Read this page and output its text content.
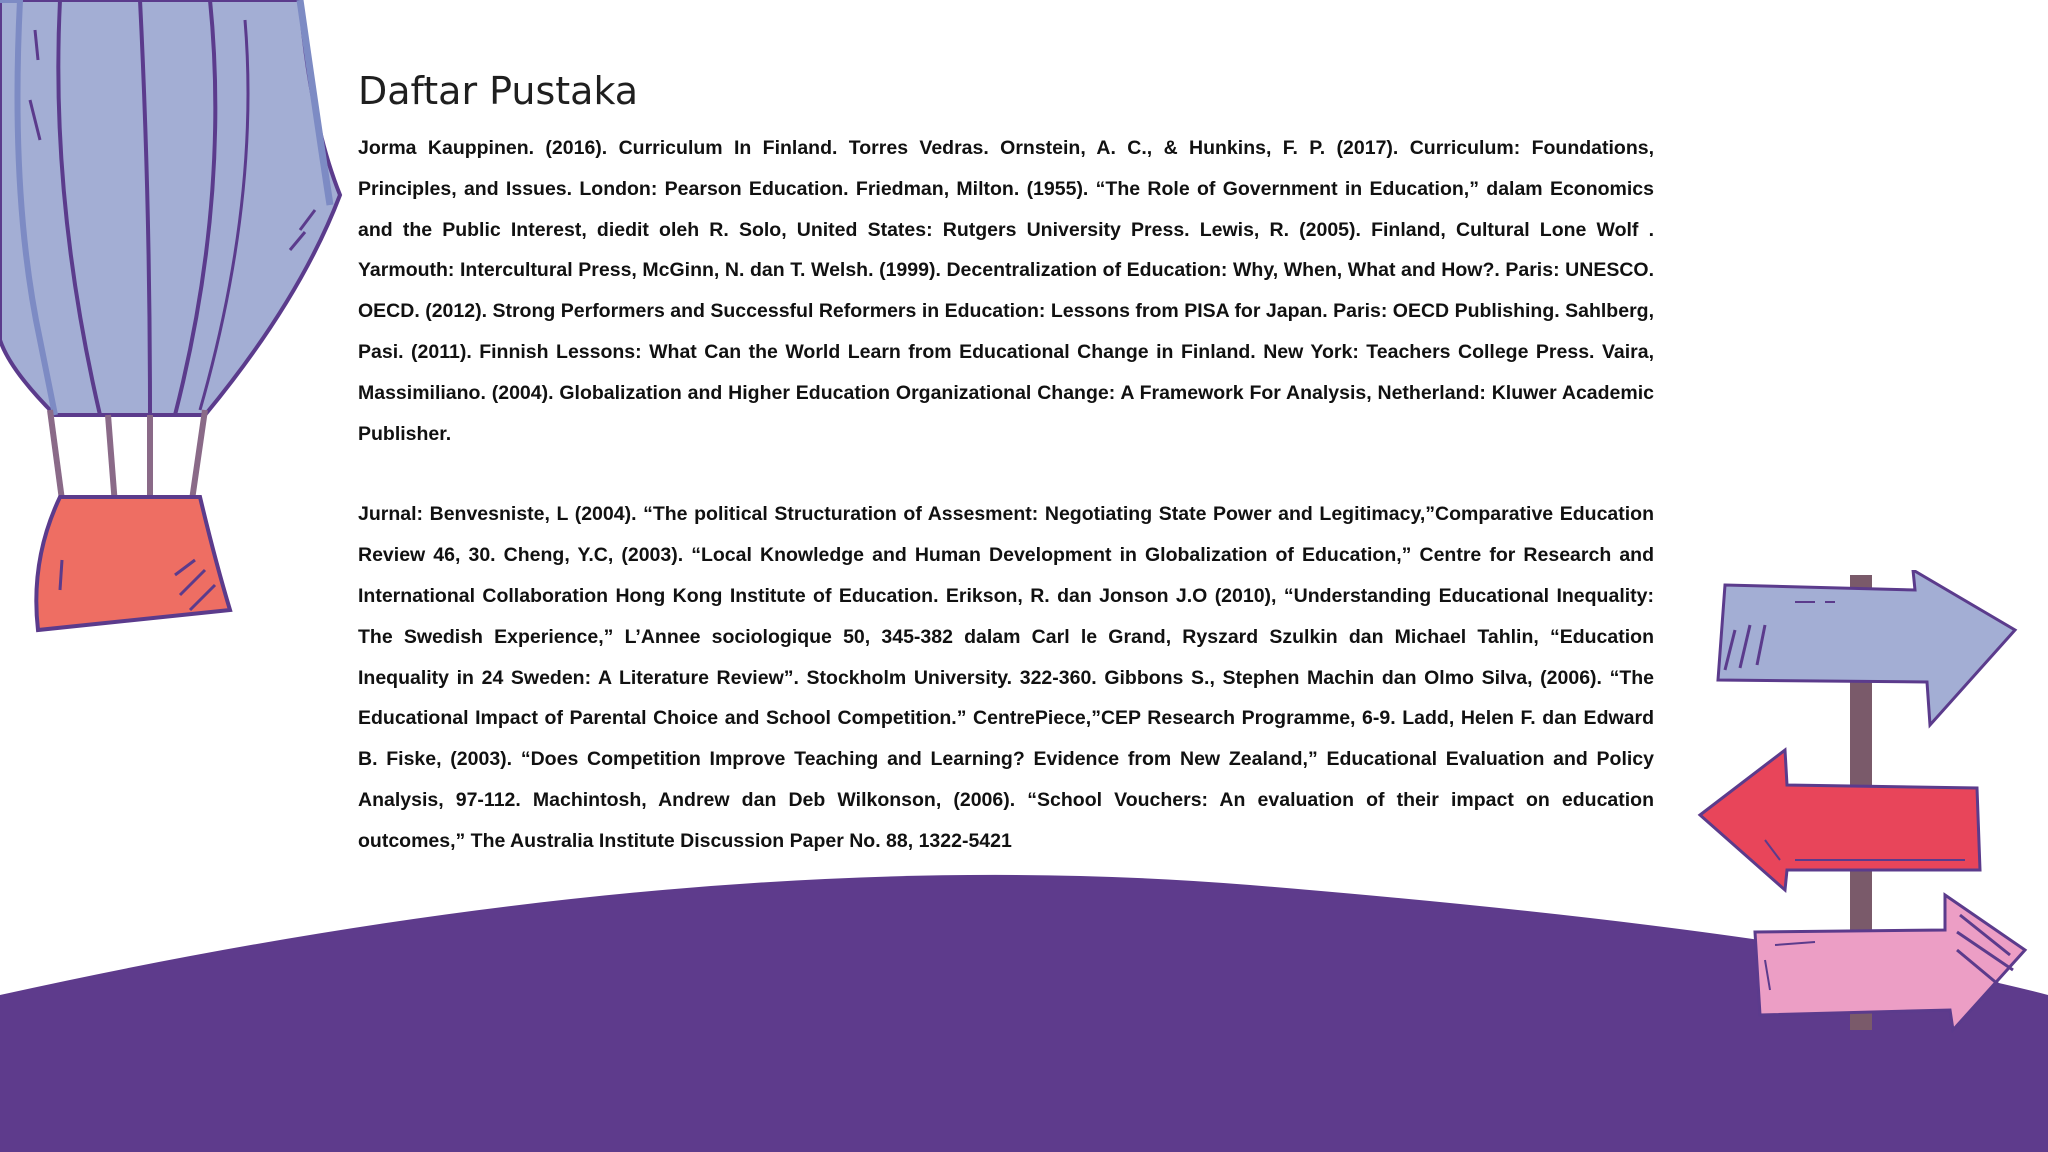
Daftar Pustaka

Jorma Kauppinen. (2016). Curriculum In Finland. Torres Vedras. Ornstein, A. C., & Hunkins, F. P. (2017). Curriculum: Foundations, Principles, and Issues. London: Pearson Education. Friedman, Milton. (1955). “The Role of Government in Education,” dalam Economics and the Public Interest, diedit oleh R. Solo, United States: Rutgers University Press. Lewis, R. (2005). Finland, Cultural Lone Wolf . Yarmouth: Intercultural Press, McGinn, N. dan T. Welsh. (1999). Decentralization of Education: Why, When, What and How?. Paris: UNESCO. OECD. (2012). Strong Performers and Successful Reformers in Education: Lessons from PISA for Japan. Paris: OECD Publishing. Sahlberg, Pasi. (2011). Finnish Lessons: What Can the World Learn from Educational Change in Finland. New York: Teachers College Press. Vaira, Massimiliano. (2004). Globalization and Higher Education Organizational Change: A Framework For Analysis, Netherland: Kluwer Academic Publisher.

Jurnal: Benvesniste, L (2004). “The political Structuration of Assesment: Negotiating State Power and Legitimacy,”Comparative Education Review 46, 30. Cheng, Y.C, (2003). “Local Knowledge and Human Development in Globalization of Education,” Centre for Research and International Collaboration Hong Kong Institute of Education. Erikson, R. dan Jonson J.O (2010), “Understanding Educational Inequality: The Swedish Experience,” L’Annee sociologique 50, 345-382 dalam Carl le Grand, Ryszard Szulkin dan Michael Tahlin, “Education Inequality in 24 Sweden: A Literature Review”. Stockholm University. 322-360. Gibbons S., Stephen Machin dan Olmo Silva, (2006). “The Educational Impact of Parental Choice and School Competition.” CentrePiece,”CEP Research Programme, 6-9. Ladd, Helen F. dan Edward B. Fiske, (2003). “Does Competition Improve Teaching and Learning? Evidence from New Zealand,” Educational Evaluation and Policy Analysis, 97-112. Machintosh, Andrew dan Deb Wilkonson, (2006). “School Vouchers: An evaluation of their impact on education outcomes,” The Australia Institute Discussion Paper No. 88, 1322-5421
